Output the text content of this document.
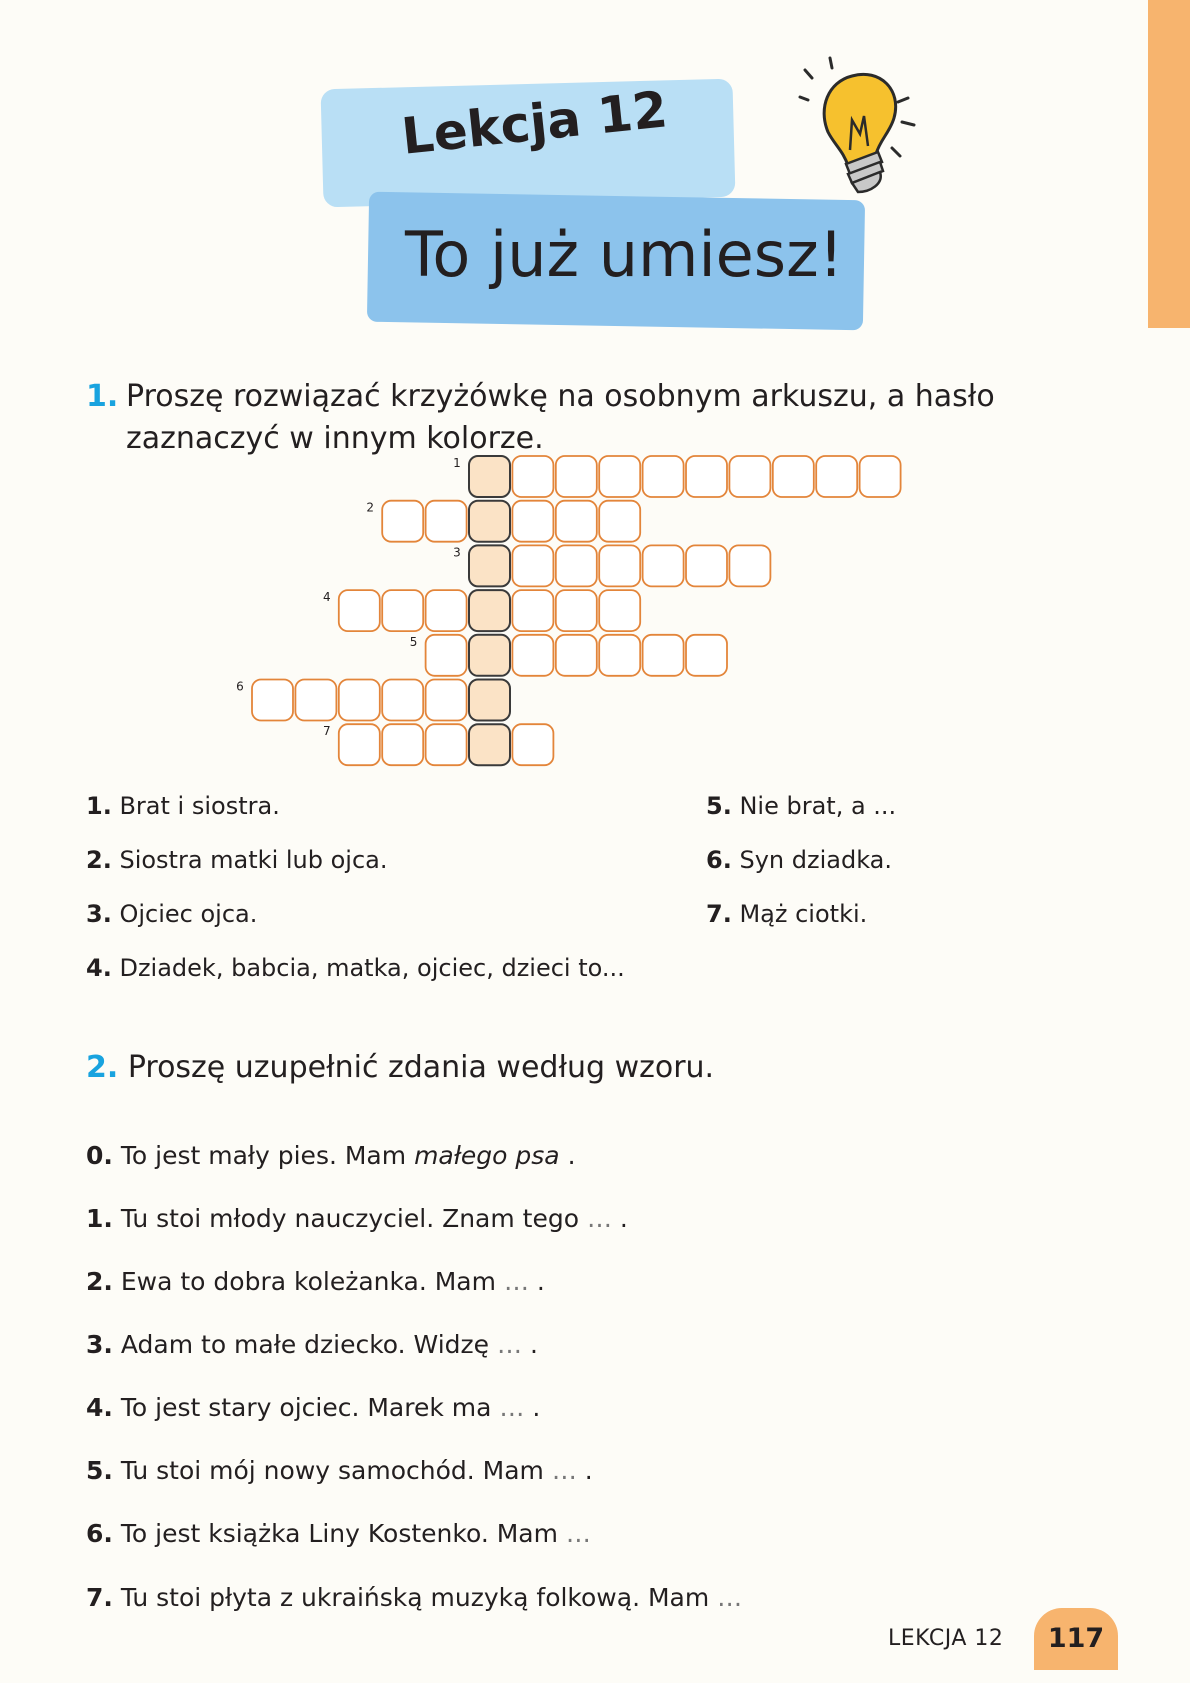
Lekcja 12
To już umiesz!
1. Proszę rozwiązać krzyżówkę na osobnym arkuszu, a hasło zaznaczyć w innym kolorze.
1
2
3
4
5
6
7
1. Brat i siostra.
2. Siostra matki lub ojca.
3. Ojciec ojca.
4. Dziadek, babcia, matka, ojciec, dzieci to...
5. Nie brat, a ...
6. Syn dziadka.
7. Mąż ciotki.
2. Proszę uzupełnić zdania według wzoru.
0. To jest mały pies. Mam małego psa .
1. Tu stoi młody nauczyciel. Znam tego … .
2. Ewa to dobra koleżanka. Mam … .
3. Adam to małe dziecko. Widzę … .
4. To jest stary ojciec. Marek ma … .
5. Tu stoi mój nowy samochód. Mam … .
6. To jest książka Liny Kostenko. Mam …
7. Tu stoi płyta z ukraińską muzyką folkową. Mam …
LEKCJA 12	117
